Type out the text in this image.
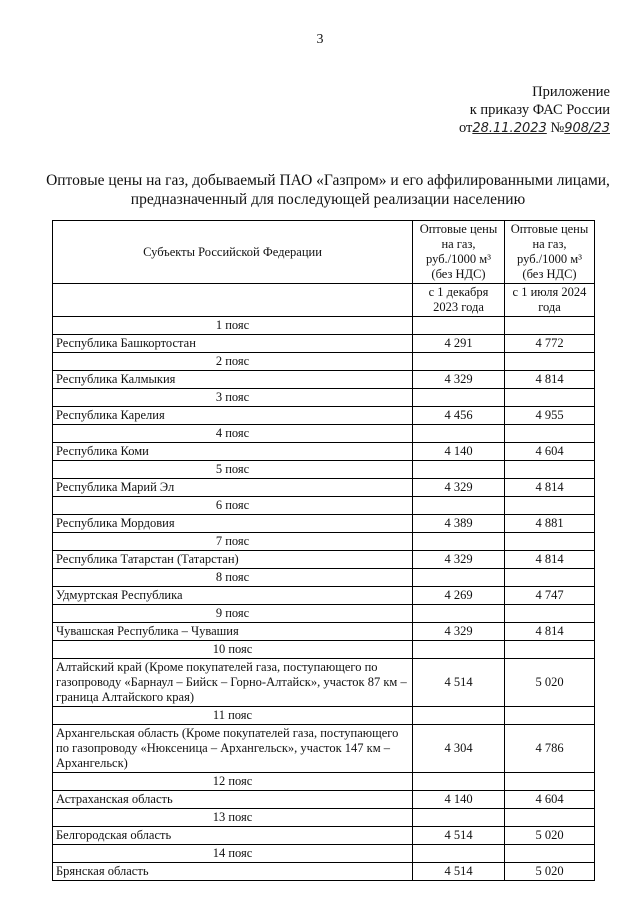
3
Приложение
к приказу ФАС России
от28.11.2023 №908/23
Оптовые цены на газ, добываемый ПАО «Газпром» и его аффилированными лицами,
предназначенный для последующей реализации населению
Субъекты Российской Федерации	Оптовые цены на газ, руб./1000 м³ (без НДС)	Оптовые цены на газ, руб./1000 м³ (без НДС)
	с 1 декабря 2023 года	с 1 июля 2024 года
1 пояс		
Республика Башкортостан	4 291	4 772
2 пояс		
Республика Калмыкия	4 329	4 814
3 пояс		
Республика Карелия	4 456	4 955
4 пояс		
Республика Коми	4 140	4 604
5 пояс		
Республика Марий Эл	4 329	4 814
6 пояс		
Республика Мордовия	4 389	4 881
7 пояс		
Республика Татарстан (Татарстан)	4 329	4 814
8 пояс		
Удмуртская Республика	4 269	4 747
9 пояс		
Чувашская Республика – Чувашия	4 329	4 814
10 пояс		
Алтайский край (Кроме покупателей газа, поступающего по газопроводу «Барнаул – Бийск – Горно-Алтайск», участок 87 км – граница Алтайского края)	4 514	5 020
11 пояс		
Архангельская область (Кроме покупателей газа, поступающего по газопроводу «Нюксеница – Архангельск», участок 147 км – Архангельск)	4 304	4 786
12 пояс		
Астраханская область	4 140	4 604
13 пояс		
Белгородская область	4 514	5 020
14 пояс		
Брянская область	4 514	5 020
